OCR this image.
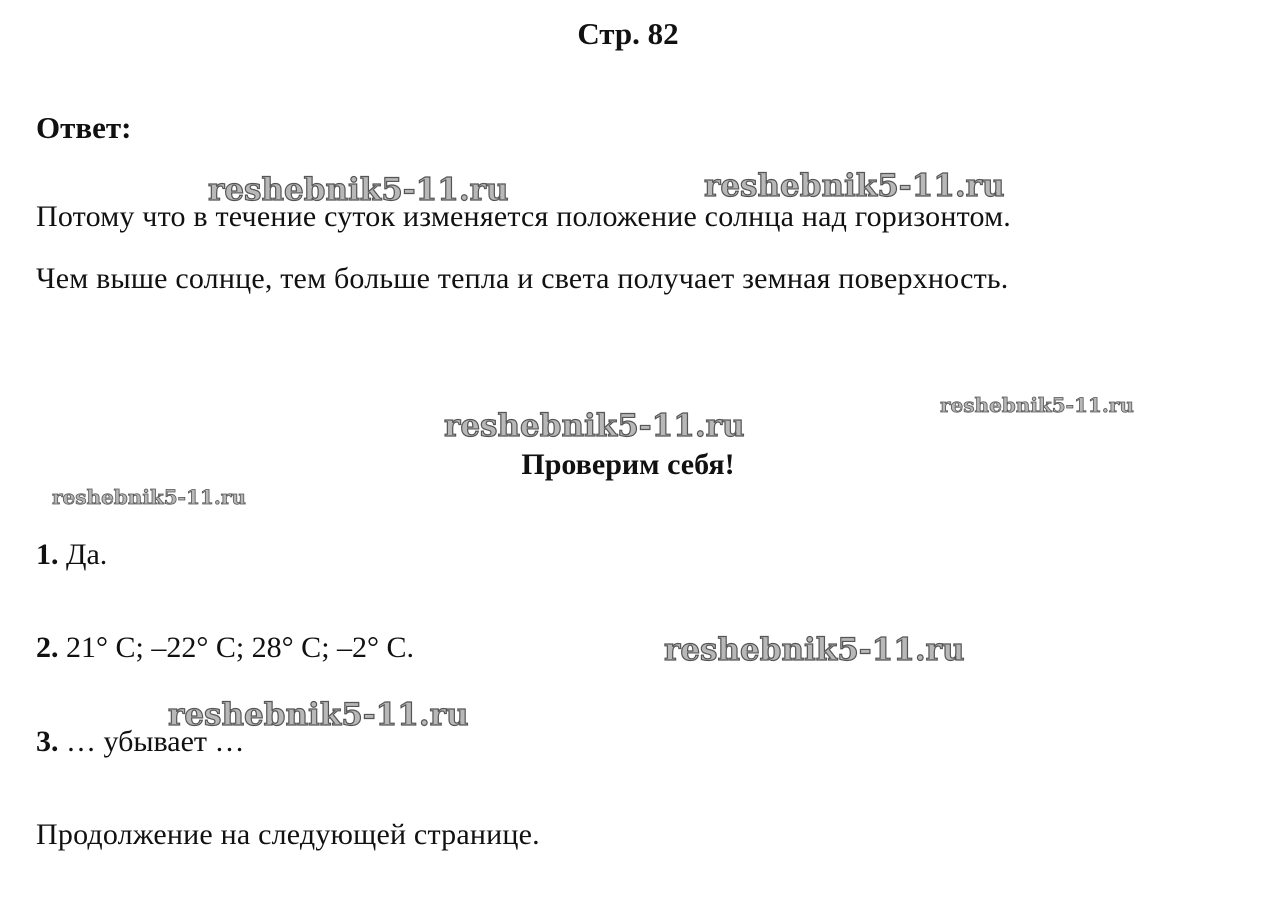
Стр. 82
Ответ:

Потому что в течение суток изменяется положение солнца над горизонтом.

Чем выше солнце, тем больше тепла и света получает земная поверхность.

Проверим себя!

1. Да.

2. 21° С; –22° С; 28° С; –2° С.

3. … убывает …

Продолжение на следующей странице.

reshebnik5-11.ru	reshebnik5-11.ru
reshebnik5-11.ru
reshebnik5-11.ru
reshebnik5-11.ru
reshebnik5-11.ru
reshebnik5-11.ru
